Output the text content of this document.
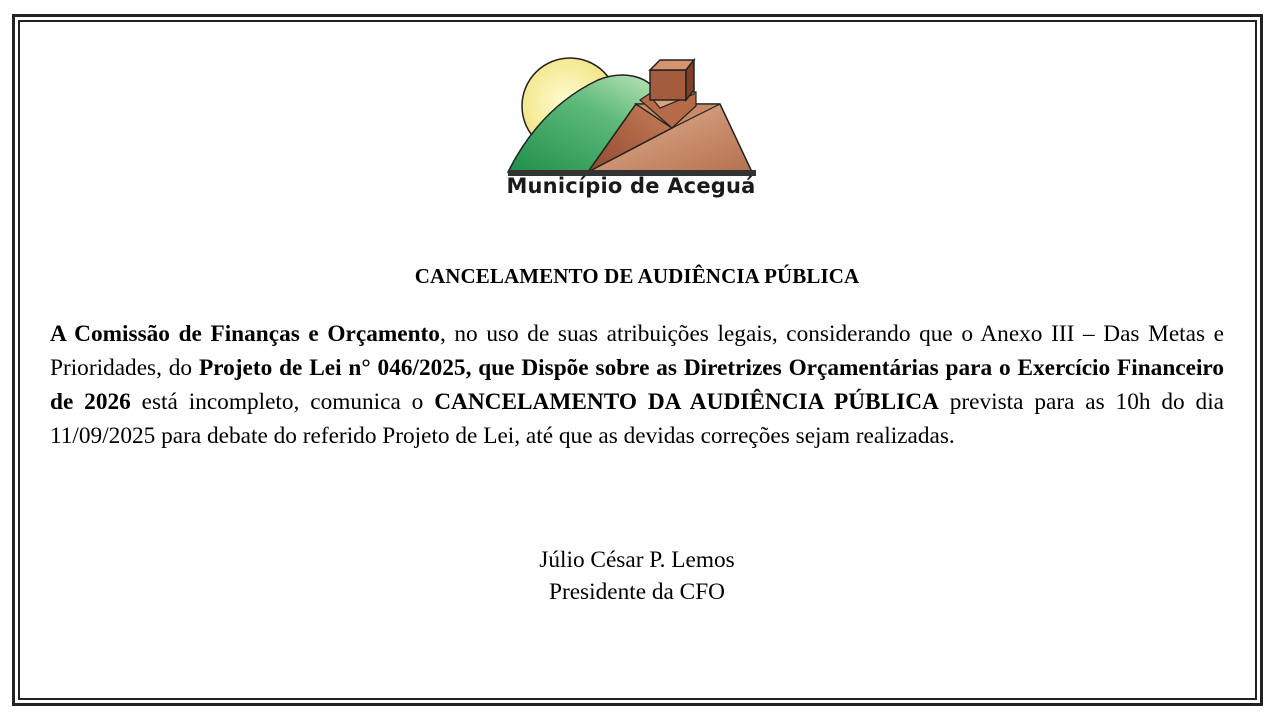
Município de Aceguá
CANCELAMENTO DE AUDIÊNCIA PÚBLICA
A Comissão de Finanças e Orçamento, no uso de suas atribuições legais, considerando que o Anexo III – Das Metas e Prioridades, do Projeto de Lei n° 046/2025, que Dispõe sobre as Diretrizes Orçamentárias para o Exercício Financeiro de 2026 está incompleto, comunica o CANCELAMENTO DA AUDIÊNCIA PÚBLICA prevista para as 10h do dia 11/09/2025 para debate do referido Projeto de Lei, até que as devidas correções sejam realizadas.
Júlio César P. Lemos
Presidente da CFO
